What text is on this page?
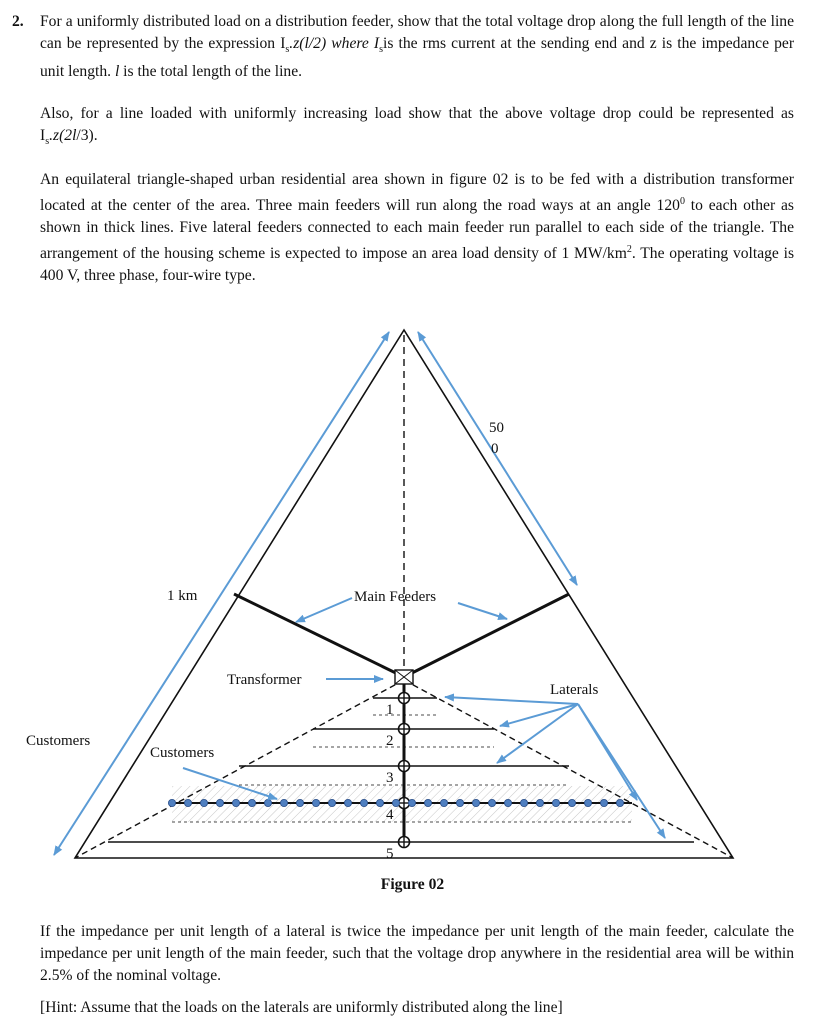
2. For a uniformly distributed load on a distribution feeder, show that the total voltage drop along the full length of the line can be represented by the expression $I_s.z(l/2)$ where $I_sis$ the rms current at the sending end and z is the impedance per unit length. l is the total length of the line.

Also, for a line loaded with uniformly increasing load show that the above voltage drop could be represented as $I_s.z(2l/3)$.

An equilateral triangle-shaped urban residential area shown in figure 02 is to be fed with a distribution transformer located at the center of the area. Three main feeders will run along the road ways at an angle $120^0$ to each other as shown in thick lines. Five lateral feeders connected to each main feeder run parallel to each side of the triangle. The arrangement of the housing scheme is expected to impose an area load density of 1 $MW/km^2$. The operating voltage is 400 V, three phase, four-wire type.

50
0
1 km	Main Feeders
Transformer
Laterals
Customers
Customers
1
2
3
4
5
Figure 02

If the impedance per unit length of a lateral is twice the impedance per unit length of the main feeder, calculate the impedance per unit length of the main feeder, such that the voltage drop anywhere in the residential area will be within 2.5% of the nominal voltage.

[Hint: Assume that the loads on the laterals are uniformly distributed along the line]
